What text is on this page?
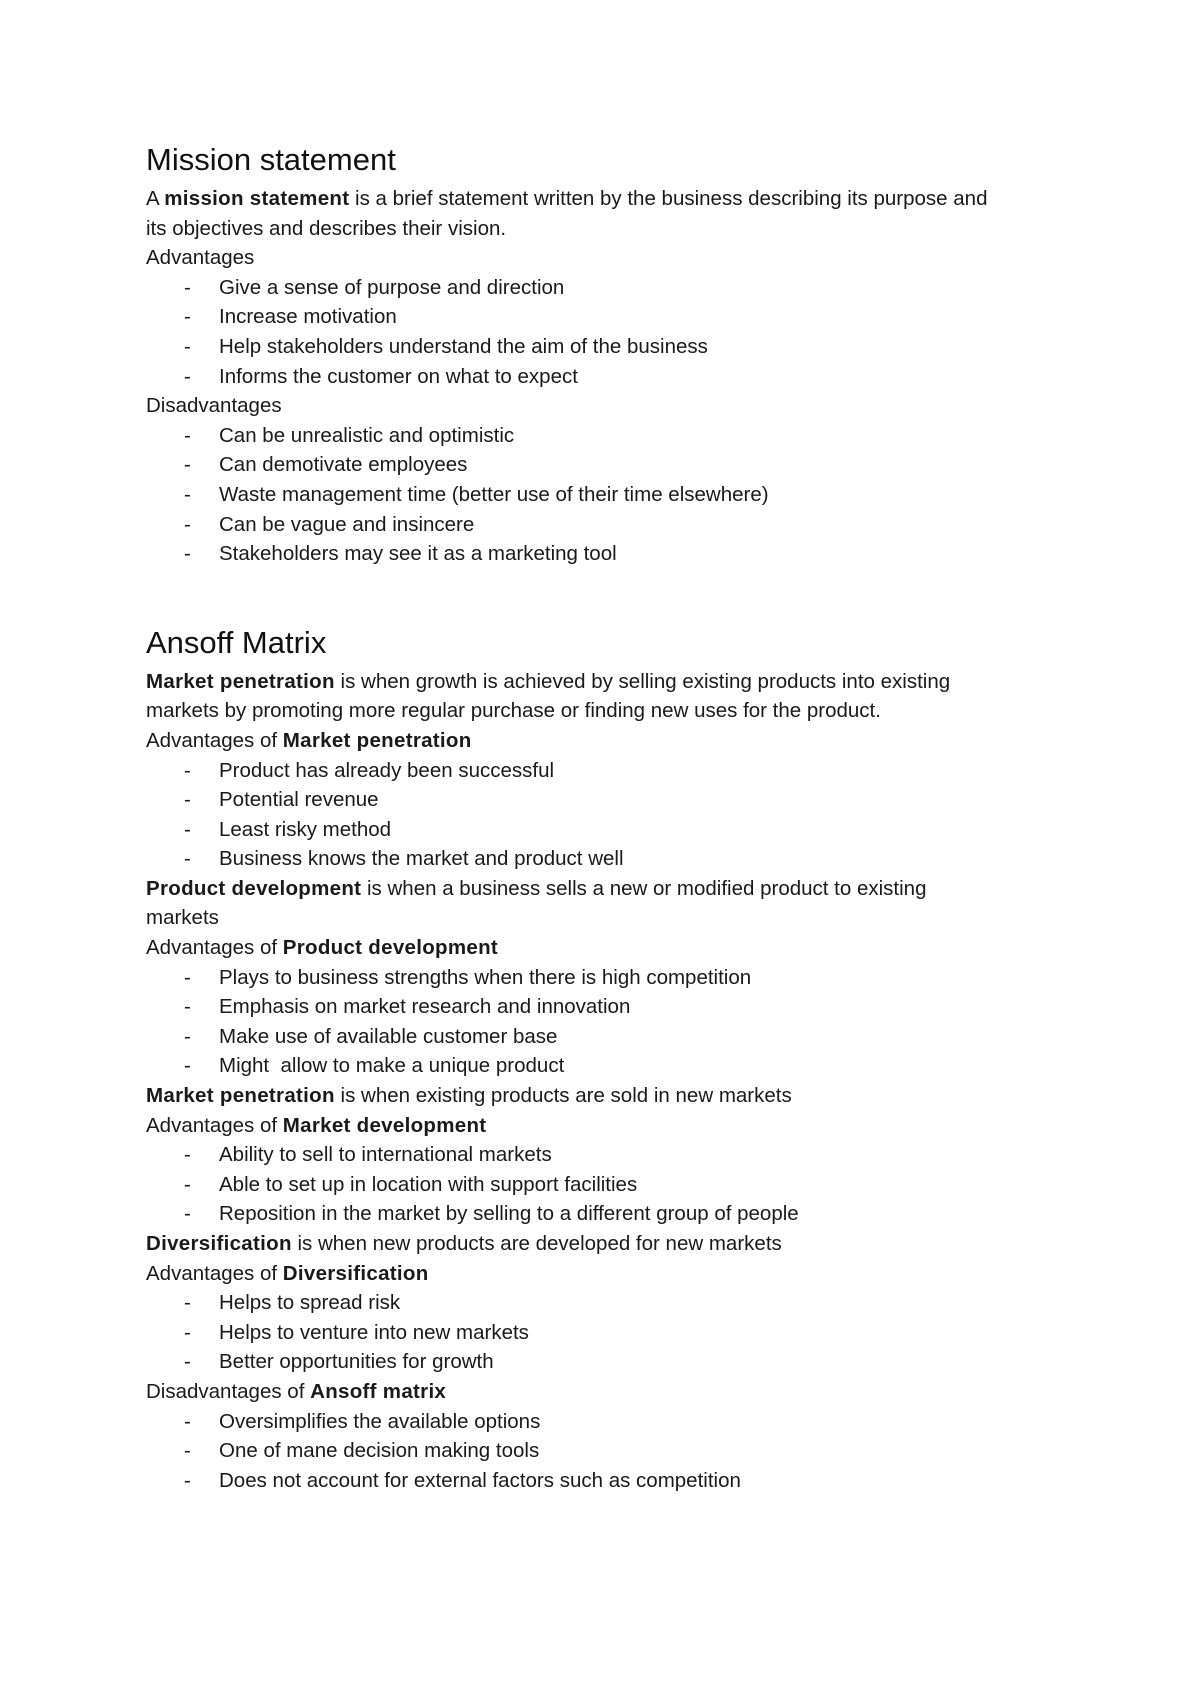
Mission statement

A mission statement is a brief statement written by the business describing its purpose and

its objectives and describes their vision.

Advantages

- Give a sense of purpose and direction
- Increase motivation
- Help stakeholders understand the aim of the business
- Informs the customer on what to expect

Disadvantages

- Can be unrealistic and optimistic
- Can demotivate employees
- Waste management time (better use of their time elsewhere)
- Can be vague and insincere
- Stakeholders may see it as a marketing tool
Ansoff Matrix

Market penetration is when growth is achieved by selling existing products into existing

markets by promoting more regular purchase or finding new uses for the product.

Advantages of Market penetration

- Product has already been successful
- Potential revenue
- Least risky method
- Business knows the market and product well

Product development is when a business sells a new or modified product to existing

markets

Advantages of Product development

- Plays to business strengths when there is high competition
- Emphasis on market research and innovation
- Make use of available customer base
- Might  allow to make a unique product

Market penetration is when existing products are sold in new markets

Advantages of Market development

- Ability to sell to international markets
- Able to set up in location with support facilities
- Reposition in the market by selling to a different group of people

Diversification is when new products are developed for new markets

Advantages of Diversification

- Helps to spread risk
- Helps to venture into new markets
- Better opportunities for growth

Disadvantages of Ansoff matrix

- Oversimplifies the available options
- One of mane decision making tools
- Does not account for external factors such as competition
